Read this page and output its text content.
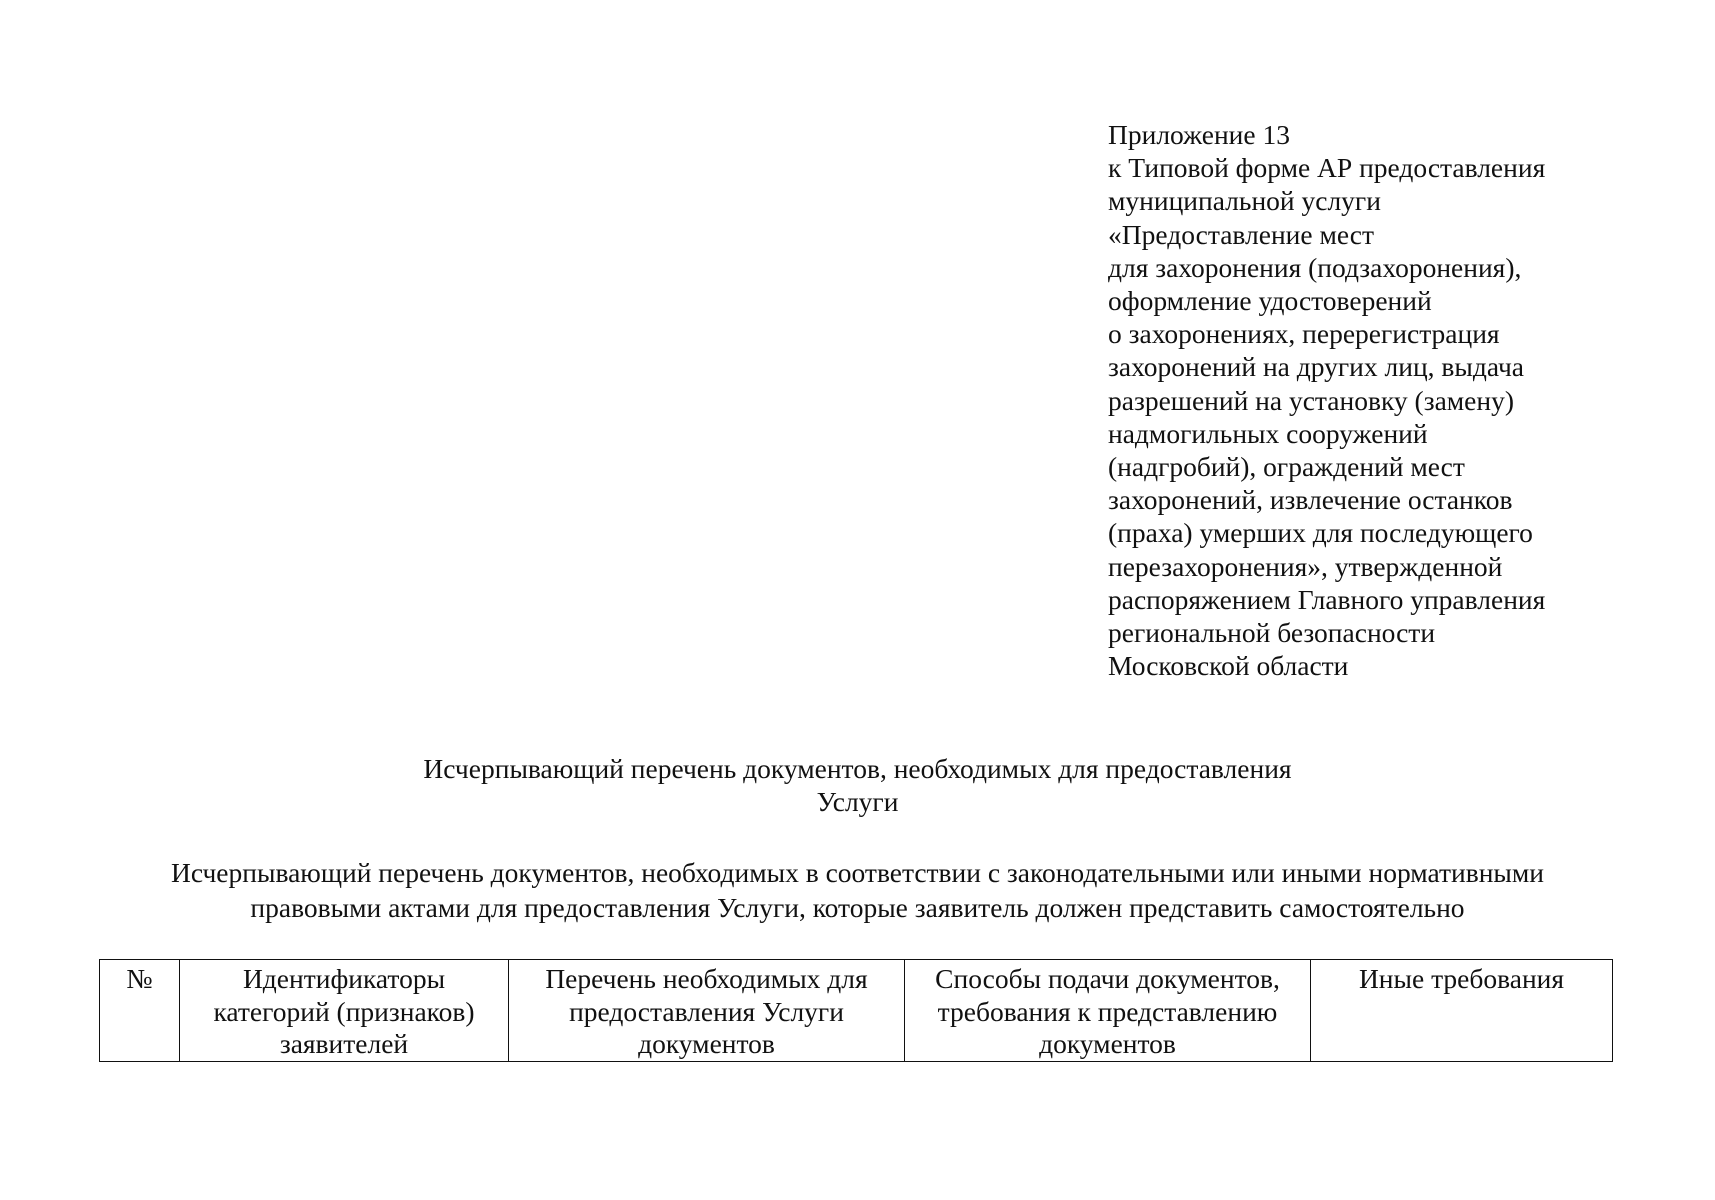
Приложение 13
к Типовой форме АР предоставления
муниципальной услуги
«Предоставление мест
для захоронения (подзахоронения),
оформление удостоверений
о захоронениях, перерегистрация
захоронений на других лиц, выдача
разрешений на установку (замену)
надмогильных сооружений
(надгробий), ограждений мест
захоронений, извлечение останков
(праха) умерших для последующего
перезахоронения», утвержденной
распоряжением Главного управления
региональной безопасности
Московской области
Исчерпывающий перечень документов, необходимых для предоставления
Услуги
Исчерпывающий перечень документов, необходимых в соответствии с законодательными или иными нормативными
правовыми актами для предоставления Услуги, которые заявитель должен представить самостоятельно
№	Идентификаторы категорий (признаков) заявителей	Перечень необходимых для предоставления Услуги документов	Способы подачи документов, требования к представлению документов	Иные требования
